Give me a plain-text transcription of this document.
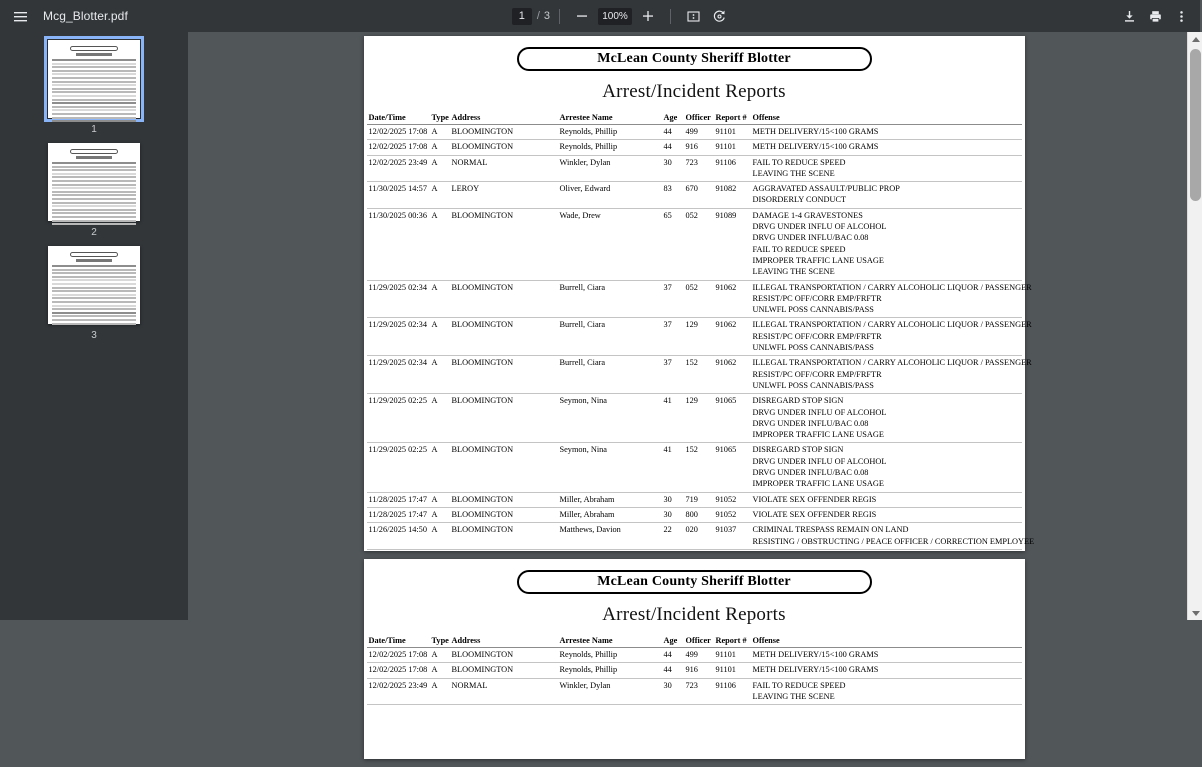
Mcg_Blotter.pdf
1	/ 3	100%
1
2
3
McLean County Sheriff Blotter
Arrest/Incident Reports
Date/Time	Type	Address	Arrestee Name	Age	Officer	Report #	Offense
12/02/2025 17:08	A	BLOOMINGTON	Reynolds, Phillip	44	499	91101	METH DELIVERY/15<100 GRAMS

12/02/2025 17:08	A	BLOOMINGTON	Reynolds, Phillip	44	916	91101	METH DELIVERY/15<100 GRAMS

12/02/2025 23:49	A	NORMAL	Winkler, Dylan	30	723	91106	FAIL TO REDUCE SPEED
LEAVING THE SCENE

11/30/2025 14:57	A	LEROY	Oliver, Edward	83	670	91082	AGGRAVATED ASSAULT/PUBLIC PROP
DISORDERLY CONDUCT

11/30/2025 00:36	A	BLOOMINGTON	Wade, Drew	65	052	91089	DAMAGE 1-4 GRAVESTONES
DRVG UNDER INFLU OF ALCOHOL
DRVG UNDER INFLU/BAC 0.08
FAIL TO REDUCE SPEED
IMPROPER TRAFFIC LANE USAGE
LEAVING THE SCENE

11/29/2025 02:34	A	BLOOMINGTON	Burrell, Ciara	37	052	91062	ILLEGAL TRANSPORTATION / CARRY ALCOHOLIC LIQUOR / PASSENGER
RESIST/PC OFF/CORR EMP/FRFTR
UNLWFL POSS CANNABIS/PASS

11/29/2025 02:34	A	BLOOMINGTON	Burrell, Ciara	37	129	91062	ILLEGAL TRANSPORTATION / CARRY ALCOHOLIC LIQUOR / PASSENGER
RESIST/PC OFF/CORR EMP/FRFTR
UNLWFL POSS CANNABIS/PASS

11/29/2025 02:34	A	BLOOMINGTON	Burrell, Ciara	37	152	91062	ILLEGAL TRANSPORTATION / CARRY ALCOHOLIC LIQUOR / PASSENGER
RESIST/PC OFF/CORR EMP/FRFTR
UNLWFL POSS CANNABIS/PASS

11/29/2025 02:25	A	BLOOMINGTON	Seymon, Nina	41	129	91065	DISREGARD STOP SIGN
DRVG UNDER INFLU OF ALCOHOL
DRVG UNDER INFLU/BAC 0.08
IMPROPER TRAFFIC LANE USAGE

11/29/2025 02:25	A	BLOOMINGTON	Seymon, Nina	41	152	91065	DISREGARD STOP SIGN
DRVG UNDER INFLU OF ALCOHOL
DRVG UNDER INFLU/BAC 0.08
IMPROPER TRAFFIC LANE USAGE

11/28/2025 17:47	A	BLOOMINGTON	Miller, Abraham	30	719	91052	VIOLATE SEX OFFENDER REGIS

11/28/2025 17:47	A	BLOOMINGTON	Miller, Abraham	30	800	91052	VIOLATE SEX OFFENDER REGIS

11/26/2025 14:50	A	BLOOMINGTON	Matthews, Davion	22	020	91037	CRIMINAL TRESPASS REMAIN ON LAND
RESISTING / OBSTRUCTING / PEACE OFFICER / CORRECTION EMPLOYEE
McLean County Sheriff Blotter
Arrest/Incident Reports
Date/Time	Type	Address	Arrestee Name	Age	Officer	Report #	Offense
12/02/2025 17:08	A	BLOOMINGTON	Reynolds, Phillip	44	499	91101	METH DELIVERY/15<100 GRAMS

12/02/2025 17:08	A	BLOOMINGTON	Reynolds, Phillip	44	916	91101	METH DELIVERY/15<100 GRAMS

12/02/2025 23:49	A	NORMAL	Winkler, Dylan	30	723	91106	FAIL TO REDUCE SPEED
LEAVING THE SCENE
